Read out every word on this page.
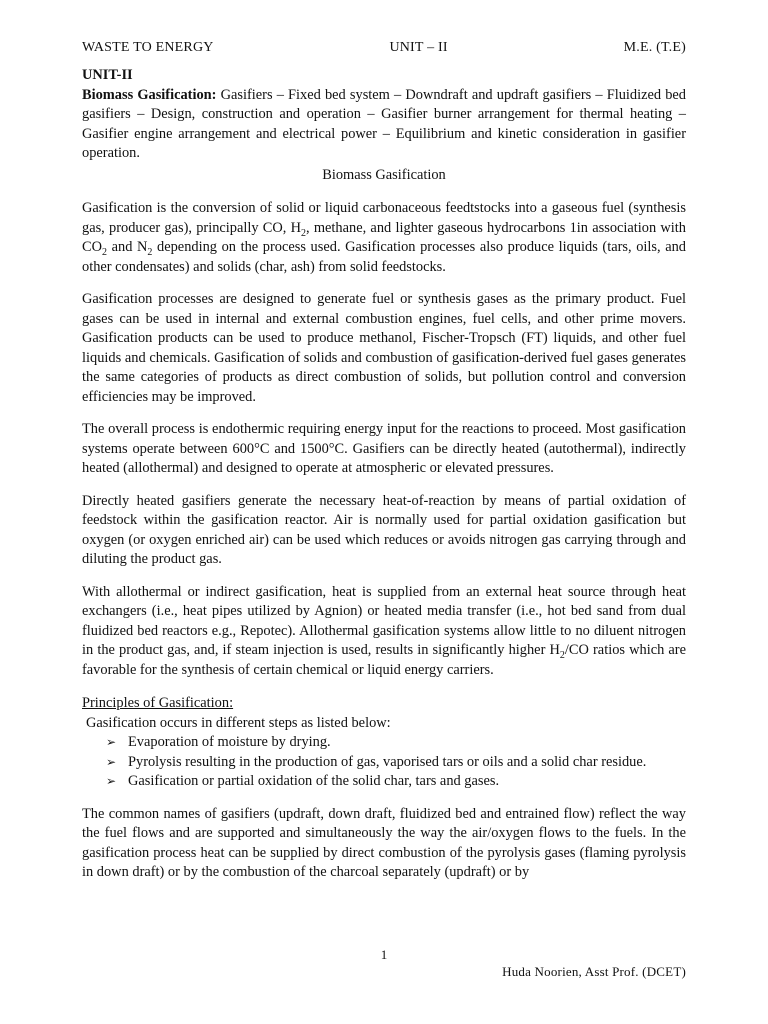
WASTE TO ENERGY	UNIT – II	M.E. (T.E)
UNIT-II

Biomass Gasification: Gasifiers – Fixed bed system – Downdraft and updraft gasifiers – Fluidized bed gasifiers – Design, construction and operation – Gasifier burner arrangement for thermal heating – Gasifier engine arrangement and electrical power – Equilibrium and kinetic consideration in gasifier operation.

Biomass Gasification

Gasification is the conversion of solid or liquid carbonaceous feedtstocks into a gaseous fuel (synthesis gas, producer gas), principally CO, $H_2$, methane, and lighter gaseous hydrocarbons 1in association with $CO_2$ and $N_2$ depending on the process used. Gasification processes also produce liquids (tars, oils, and other condensates) and solids (char, ash) from solid feedstocks.

Gasification processes are designed to generate fuel or synthesis gases as the primary product. Fuel gases can be used in internal and external combustion engines, fuel cells, and other prime movers. Gasification products can be used to produce methanol, Fischer-Tropsch (FT) liquids, and other fuel liquids and chemicals. Gasification of solids and combustion of gasification-derived fuel gases generates the same categories of products as direct combustion of solids, but pollution control and conversion efficiencies may be improved.

The overall process is endothermic requiring energy input for the reactions to proceed. Most gasification systems operate between 600°C and 1500°C. Gasifiers can be directly heated (autothermal), indirectly heated (allothermal) and designed to operate at atmospheric or elevated pressures.

Directly heated gasifiers generate the necessary heat-of-reaction by means of partial oxidation of feedstock within the gasification reactor. Air is normally used for partial oxidation gasification but oxygen (or oxygen enriched air) can be used which reduces or avoids nitrogen gas carrying through and diluting the product gas.

With allothermal or indirect gasification, heat is supplied from an external heat source through heat exchangers (i.e., heat pipes utilized by Agnion) or heated media transfer (i.e., hot bed sand from dual fluidized bed reactors e.g., Repotec). Allothermal gasification systems allow little to no diluent nitrogen in the product gas, and, if steam injection is used, results in significantly higher $H_2/CO$ ratios which are favorable for the synthesis of certain chemical or liquid energy carriers.

Principles of Gasification:
Gasification occurs in different steps as listed below:
➢ Evaporation of moisture by drying.
➢ Pyrolysis resulting in the production of gas, vaporised tars or oils and a solid char residue.
➢ Gasification or partial oxidation of the solid char, tars and gases.

The common names of gasifiers (updraft, down draft, fluidized bed and entrained flow) reflect the way the fuel flows and are supported and simultaneously the way the air/oxygen flows to the fuels. In the gasification process heat can be supplied by direct combustion of the pyrolysis gases (flaming pyrolysis in down draft) or by the combustion of the charcoal separately (updraft) or by

1
Huda Noorien, Asst Prof. (DCET)
